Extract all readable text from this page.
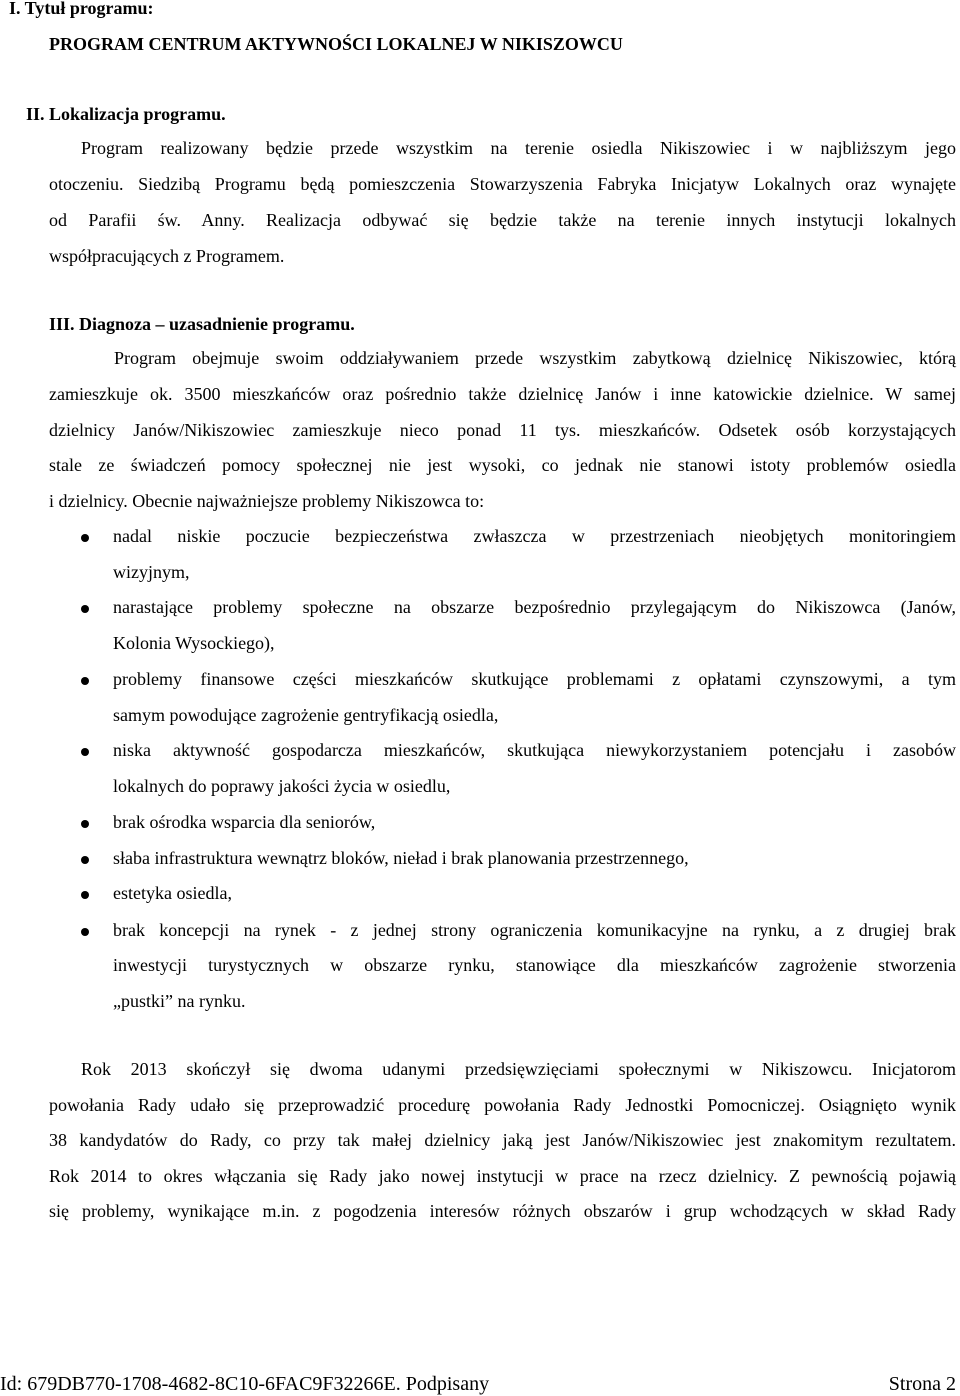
I. Tytuł programu:
PROGRAM CENTRUM AKTYWNOŚCI LOKALNEJ W NIKISZOWCU
II. Lokalizacja programu.
Program realizowany będzie przede wszystkim na terenie osiedla Nikiszowiec i w najbliższym jego
otoczeniu. Siedzibą Programu będą pomieszczenia Stowarzyszenia Fabryka Inicjatyw Lokalnych oraz wynajęte
od Parafii św. Anny. Realizacja odbywać się będzie także na terenie innych instytucji lokalnych
współpracujących z Programem.
III. Diagnoza – uzasadnienie programu.
Program obejmuje swoim oddziaływaniem przede wszystkim zabytkową dzielnicę Nikiszowiec, którą
zamieszkuje ok. 3500 mieszkańców oraz pośrednio także dzielnicę Janów i inne katowickie dzielnice. W samej
dzielnicy Janów/Nikiszowiec zamieszkuje nieco ponad 11 tys. mieszkańców. Odsetek osób korzystających
stale ze świadczeń pomocy społecznej nie jest wysoki, co jednak nie stanowi istoty problemów osiedla
i dzielnicy. Obecnie najważniejsze problemy Nikiszowca to:
nadal niskie poczucie bezpieczeństwa zwłaszcza w przestrzeniach nieobjętych monitoringiem
wizyjnym,
narastające problemy społeczne na obszarze bezpośrednio przylegającym do Nikiszowca (Janów,
Kolonia Wysockiego),
problemy finansowe części mieszkańców skutkujące problemami z opłatami czynszowymi, a tym
samym powodujące zagrożenie gentryfikacją osiedla,
niska aktywność gospodarcza mieszkańców, skutkująca niewykorzystaniem potencjału i zasobów
lokalnych do poprawy jakości życia w osiedlu,
brak ośrodka wsparcia dla seniorów,
słaba infrastruktura wewnątrz bloków, nieład i brak planowania przestrzennego,
estetyka osiedla,
brak koncepcji na rynek - z jednej strony ograniczenia komunikacyjne na rynku, a z drugiej brak
inwestycji turystycznych w obszarze rynku, stanowiące dla mieszkańców zagrożenie stworzenia
„pustki” na rynku.
Rok 2013 skończył się dwoma udanymi przedsięwzięciami społecznymi w Nikiszowcu. Inicjatorom
powołania Rady udało się przeprowadzić procedurę powołania Rady Jednostki Pomocniczej. Osiągnięto wynik
38 kandydatów do Rady, co przy tak małej dzielnicy jaką jest Janów/Nikiszowiec jest znakomitym rezultatem.
Rok 2014 to okres włączania się Rady jako nowej instytucji w prace na rzecz dzielnicy. Z pewnością pojawią
się problemy, wynikające m.in. z pogodzenia interesów różnych obszarów i grup wchodzących w skład Rady
Id: 679DB770-1708-4682-8C10-6FAC9F32266E. Podpisany	Strona 2
